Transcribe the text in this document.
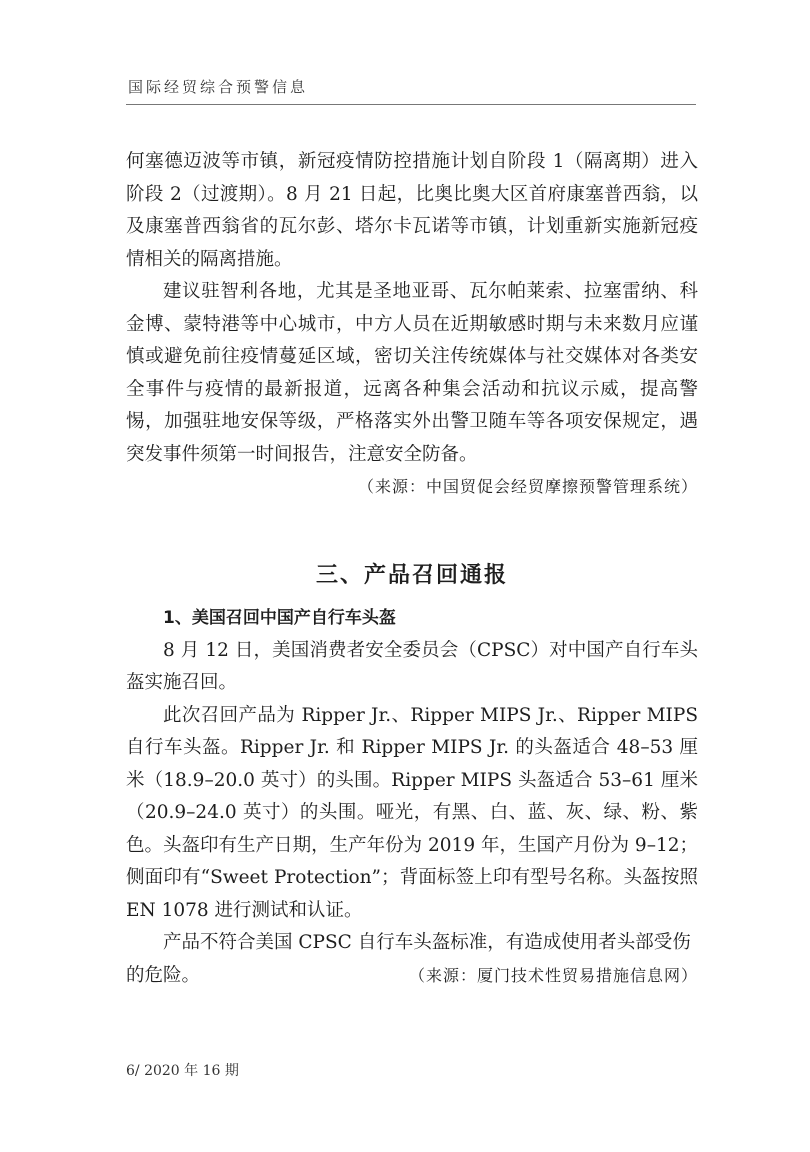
国际经贸综合预警信息

何塞德迈波等市镇，新冠疫情防控措施计划自阶段 1（隔离期）进入阶段 2（过渡期）。8 月 21 日起，比奥比奥大区首府康塞普西翁，以及康塞普西翁省的瓦尔彭、塔尔卡瓦诺等市镇，计划重新实施新冠疫情相关的隔离措施。

建议驻智利各地，尤其是圣地亚哥、瓦尔帕莱索、拉塞雷纳、科金博、蒙特港等中心城市，中方人员在近期敏感时期与未来数月应谨慎或避免前往疫情蔓延区域，密切关注传统媒体与社交媒体对各类安全事件与疫情的最新报道，远离各种集会活动和抗议示威，提高警惕，加强驻地安保等级，严格落实外出警卫随车等各项安保规定，遇突发事件须第一时间报告，注意安全防备。

（来源：中国贸促会经贸摩擦预警管理系统）

三、产品召回通报

1、美国召回中国产自行车头盔

8 月 12 日，美国消费者安全委员会（CPSC）对中国产自行车头盔实施召回。

此次召回产品为 Ripper Jr.、Ripper MIPS Jr.、Ripper MIPS 自行车头盔。Ripper Jr. 和 Ripper MIPS Jr. 的头盔适合 48–53 厘米（18.9–20.0 英寸）的头围。Ripper MIPS 头盔适合 53–61 厘米（20.9–24.0 英寸）的头围。哑光，有黑、白、蓝、灰、绿、粉、紫色。头盔印有生产日期，生产年份为 2019 年，生国产月份为 9–12；侧面印有“Sweet Protection”；背面标签上印有型号名称。头盔按照 EN 1078 进行测试和认证。

产品不符合美国 CPSC 自行车头盔标准，有造成使用者头部受伤

的危险。	（来源：厦门技术性贸易措施信息网）
6/ 2020 年 16 期
